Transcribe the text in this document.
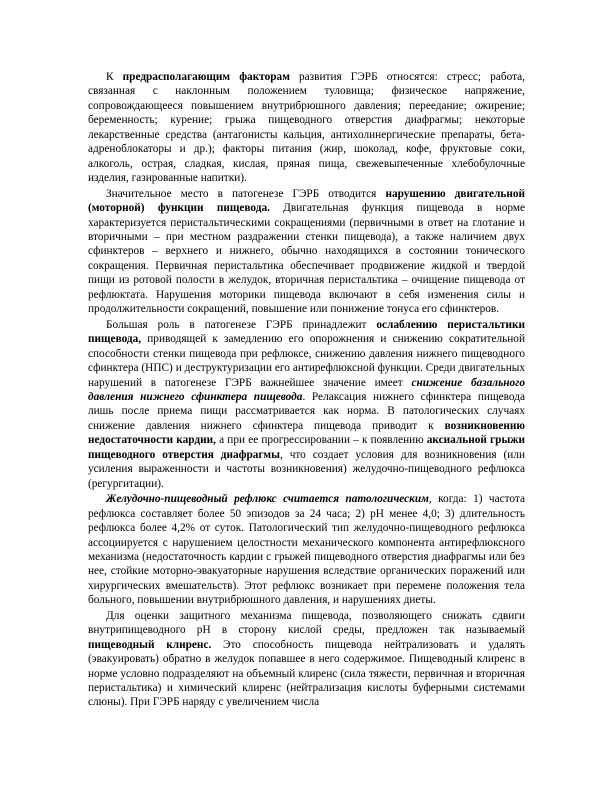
К предрасполагающим факторам развития ГЭРБ относятся: стресс; работа, связанная с наклонным положением туловища; физическое напряжение, сопровождающееся повышением внутрибрюшного давления; переедание; ожирение; беременность; курение; грыжа пищеводного отверстия диафрагмы; некоторые лекарственные средства (антагонисты кальция, антихолинергические препараты, бета-адреноблокаторы и др.); факторы питания (жир, шоколад, кофе, фруктовые соки, алкоголь, острая, сладкая, кислая, пряная пища, свежевыпеченные хлебобулочные изделия, газированные напитки).

Значительное место в патогенезе ГЭРБ отводится нарушению двигательной (моторной) функции пищевода. Двигательная функция пищевода в норме характеризуется перистальтическими сокращениями (первичными в ответ на глотание и вторичными – при местном раздражении стенки пищевода), а также наличием двух сфинктеров – верхнего и нижнего, обычно находящихся в состоянии тонического сокращения. Первичная перистальтика обеспечивает продвижение жидкой и твердой пищи из ротовой полости в желудок, вторичная перистальтика – очищение пищевода от рефлюктата. Нарушения моторики пищевода включают в себя изменения силы и продолжительности сокращений, повышение или понижение тонуса его сфинктеров.

Большая роль в патогенезе ГЭРБ принадлежит ослаблению перистальтики пищевода, приводящей к замедлению его опорожнения и снижению сократительной способности стенки пищевода при рефлюксе, снижению давления нижнего пищеводного сфинктера (НПС) и деструктуризации его антирефлюксной функции. Среди двигательных нарушений в патогенезе ГЭРБ важнейшее значение имеет снижение базального давления нижнего сфинктера пищевода. Релаксация нижнего сфинктера пищевода лишь после приема пищи рассматривается как норма. В патологических случаях снижение давления нижнего сфинктера пищевода приводит к возникновению недостаточности кардии, а при ее прогрессировании – к появлению аксиальной грыжи пищеводного отверстия диафрагмы, что создает условия для возникновения (или усиления выраженности и частоты возникновения) желудочно-пищеводного рефлюкса (регургитации).

Желудочно-пищеводный рефлюкс считается патологическим, когда: 1) частота рефлюкса составляет более 50 эпизодов за 24 часа; 2) pH менее 4,0; 3) длительность рефлюкса более 4,2% от суток. Патологический тип желудочно-пищеводного рефлюкса ассоциируется с нарушением целостности механического компонента антирефлюксного механизма (недостаточность кардии с грыжей пищеводного отверстия диафрагмы или без нее, стойкие моторно-эвакуаторные нарушения вследствие органических поражений или хирургических вмешательств). Этот рефлюкс возникает при перемене положения тела больного, повышении внутрибрюшного давления, и нарушениях диеты.

Для оценки защитного механизма пищевода, позволяющего снижать сдвиги внутрипищеводного pH в сторону кислой среды, предложен так называемый пищеводный клиренс. Это способность пищевода нейтрализовать и удалять (эвакуировать) обратно в желудок попавшее в него содержимое. Пищеводный клиренс в норме условно подразделяют на объемный клиренс (сила тяжести, первичная и вторичная перистальтика) и химический клиренс (нейтрализация кислоты буферными системами слюны). При ГЭРБ наряду с увеличением числа
